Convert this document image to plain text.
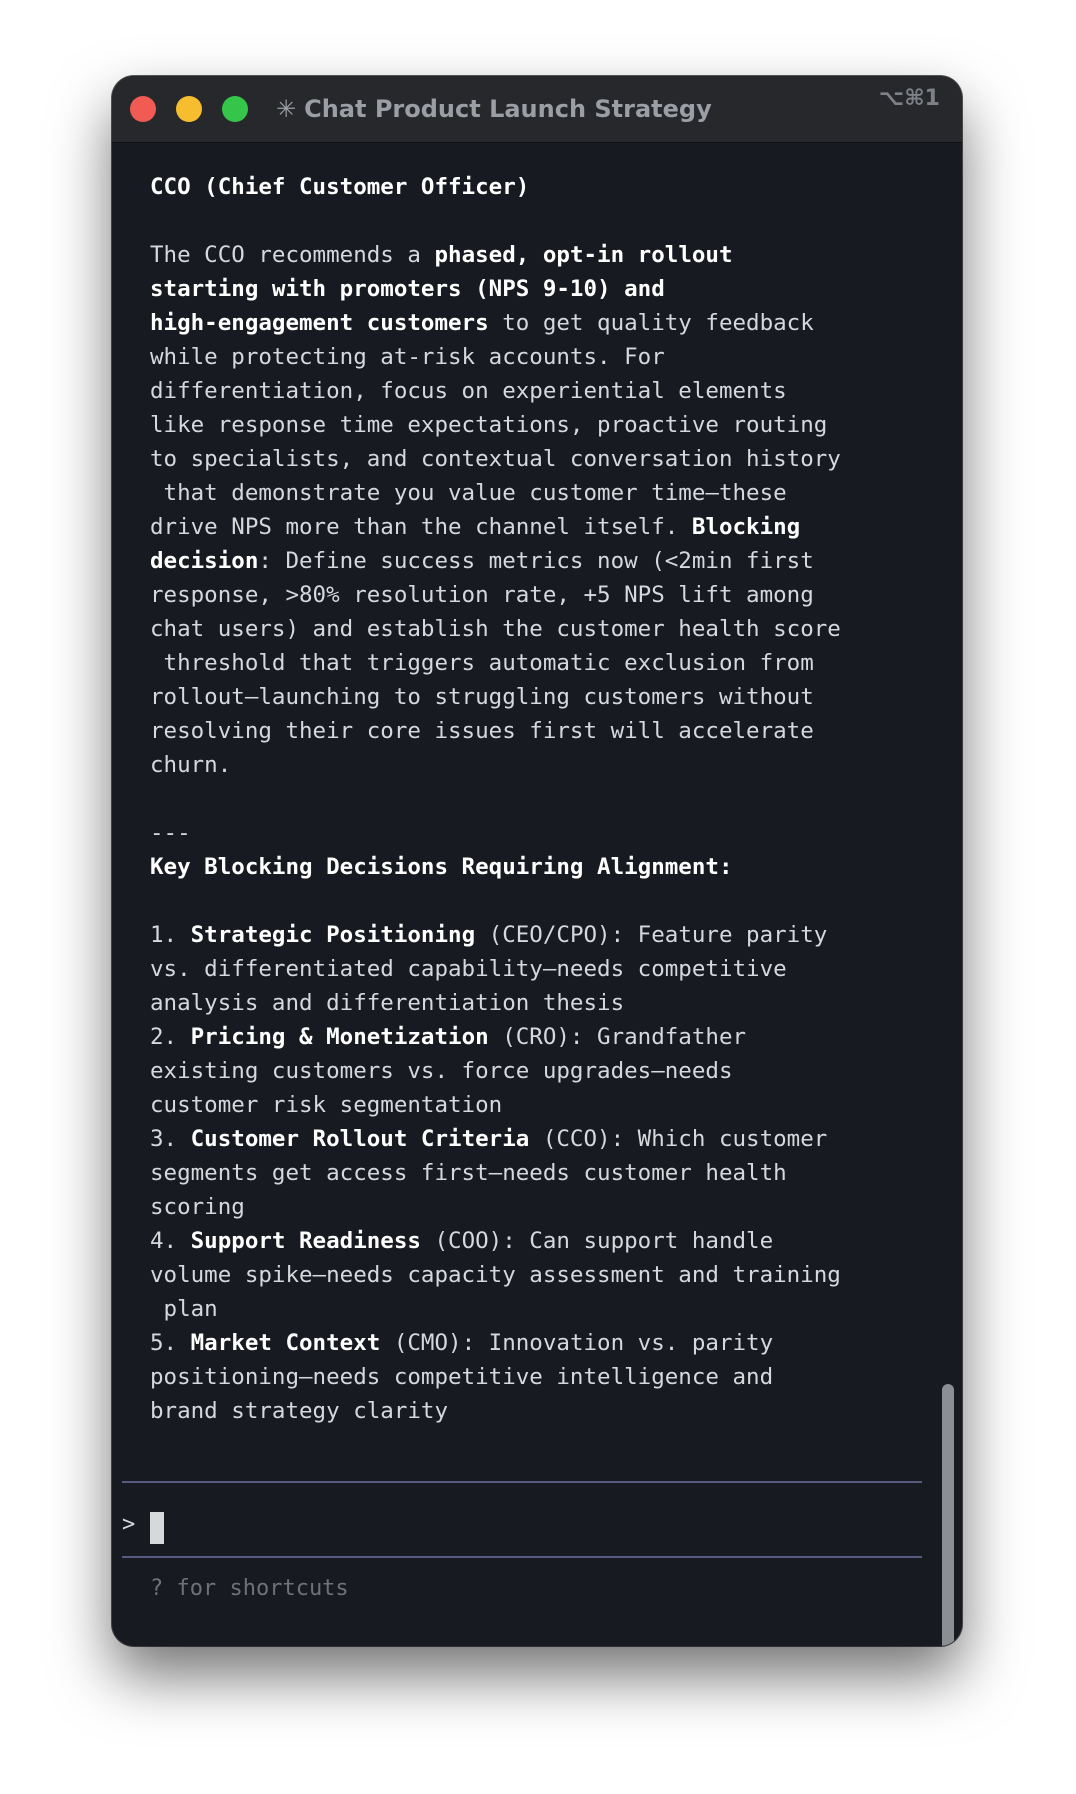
✳ Chat Product Launch Strategy	⌥⌘1
CCO (Chief Customer Officer)
The CCO recommends a phased, opt-in rollout
starting with promoters (NPS 9-10) and
high-engagement customers to get quality feedback
while protecting at-risk accounts. For
differentiation, focus on experiential elements
like response time expectations, proactive routing
to specialists, and contextual conversation history
that demonstrate you value customer time—these
drive NPS more than the channel itself. Blocking
decision: Define success metrics now (<2min first
response, >80% resolution rate, +5 NPS lift among
chat users) and establish the customer health score
threshold that triggers automatic exclusion from
rollout—launching to struggling customers without
resolving their core issues first will accelerate
churn.
---
Key Blocking Decisions Requiring Alignment:
1. Strategic Positioning (CEO/CPO): Feature parity
vs. differentiated capability—needs competitive
analysis and differentiation thesis
2. Pricing & Monetization (CRO): Grandfather
existing customers vs. force upgrades—needs
customer risk segmentation
3. Customer Rollout Criteria (CCO): Which customer
segments get access first—needs customer health
scoring
4. Support Readiness (COO): Can support handle
volume spike—needs capacity assessment and training
plan
5. Market Context (CMO): Innovation vs. parity
positioning—needs competitive intelligence and
brand strategy clarity
>
? for shortcuts
